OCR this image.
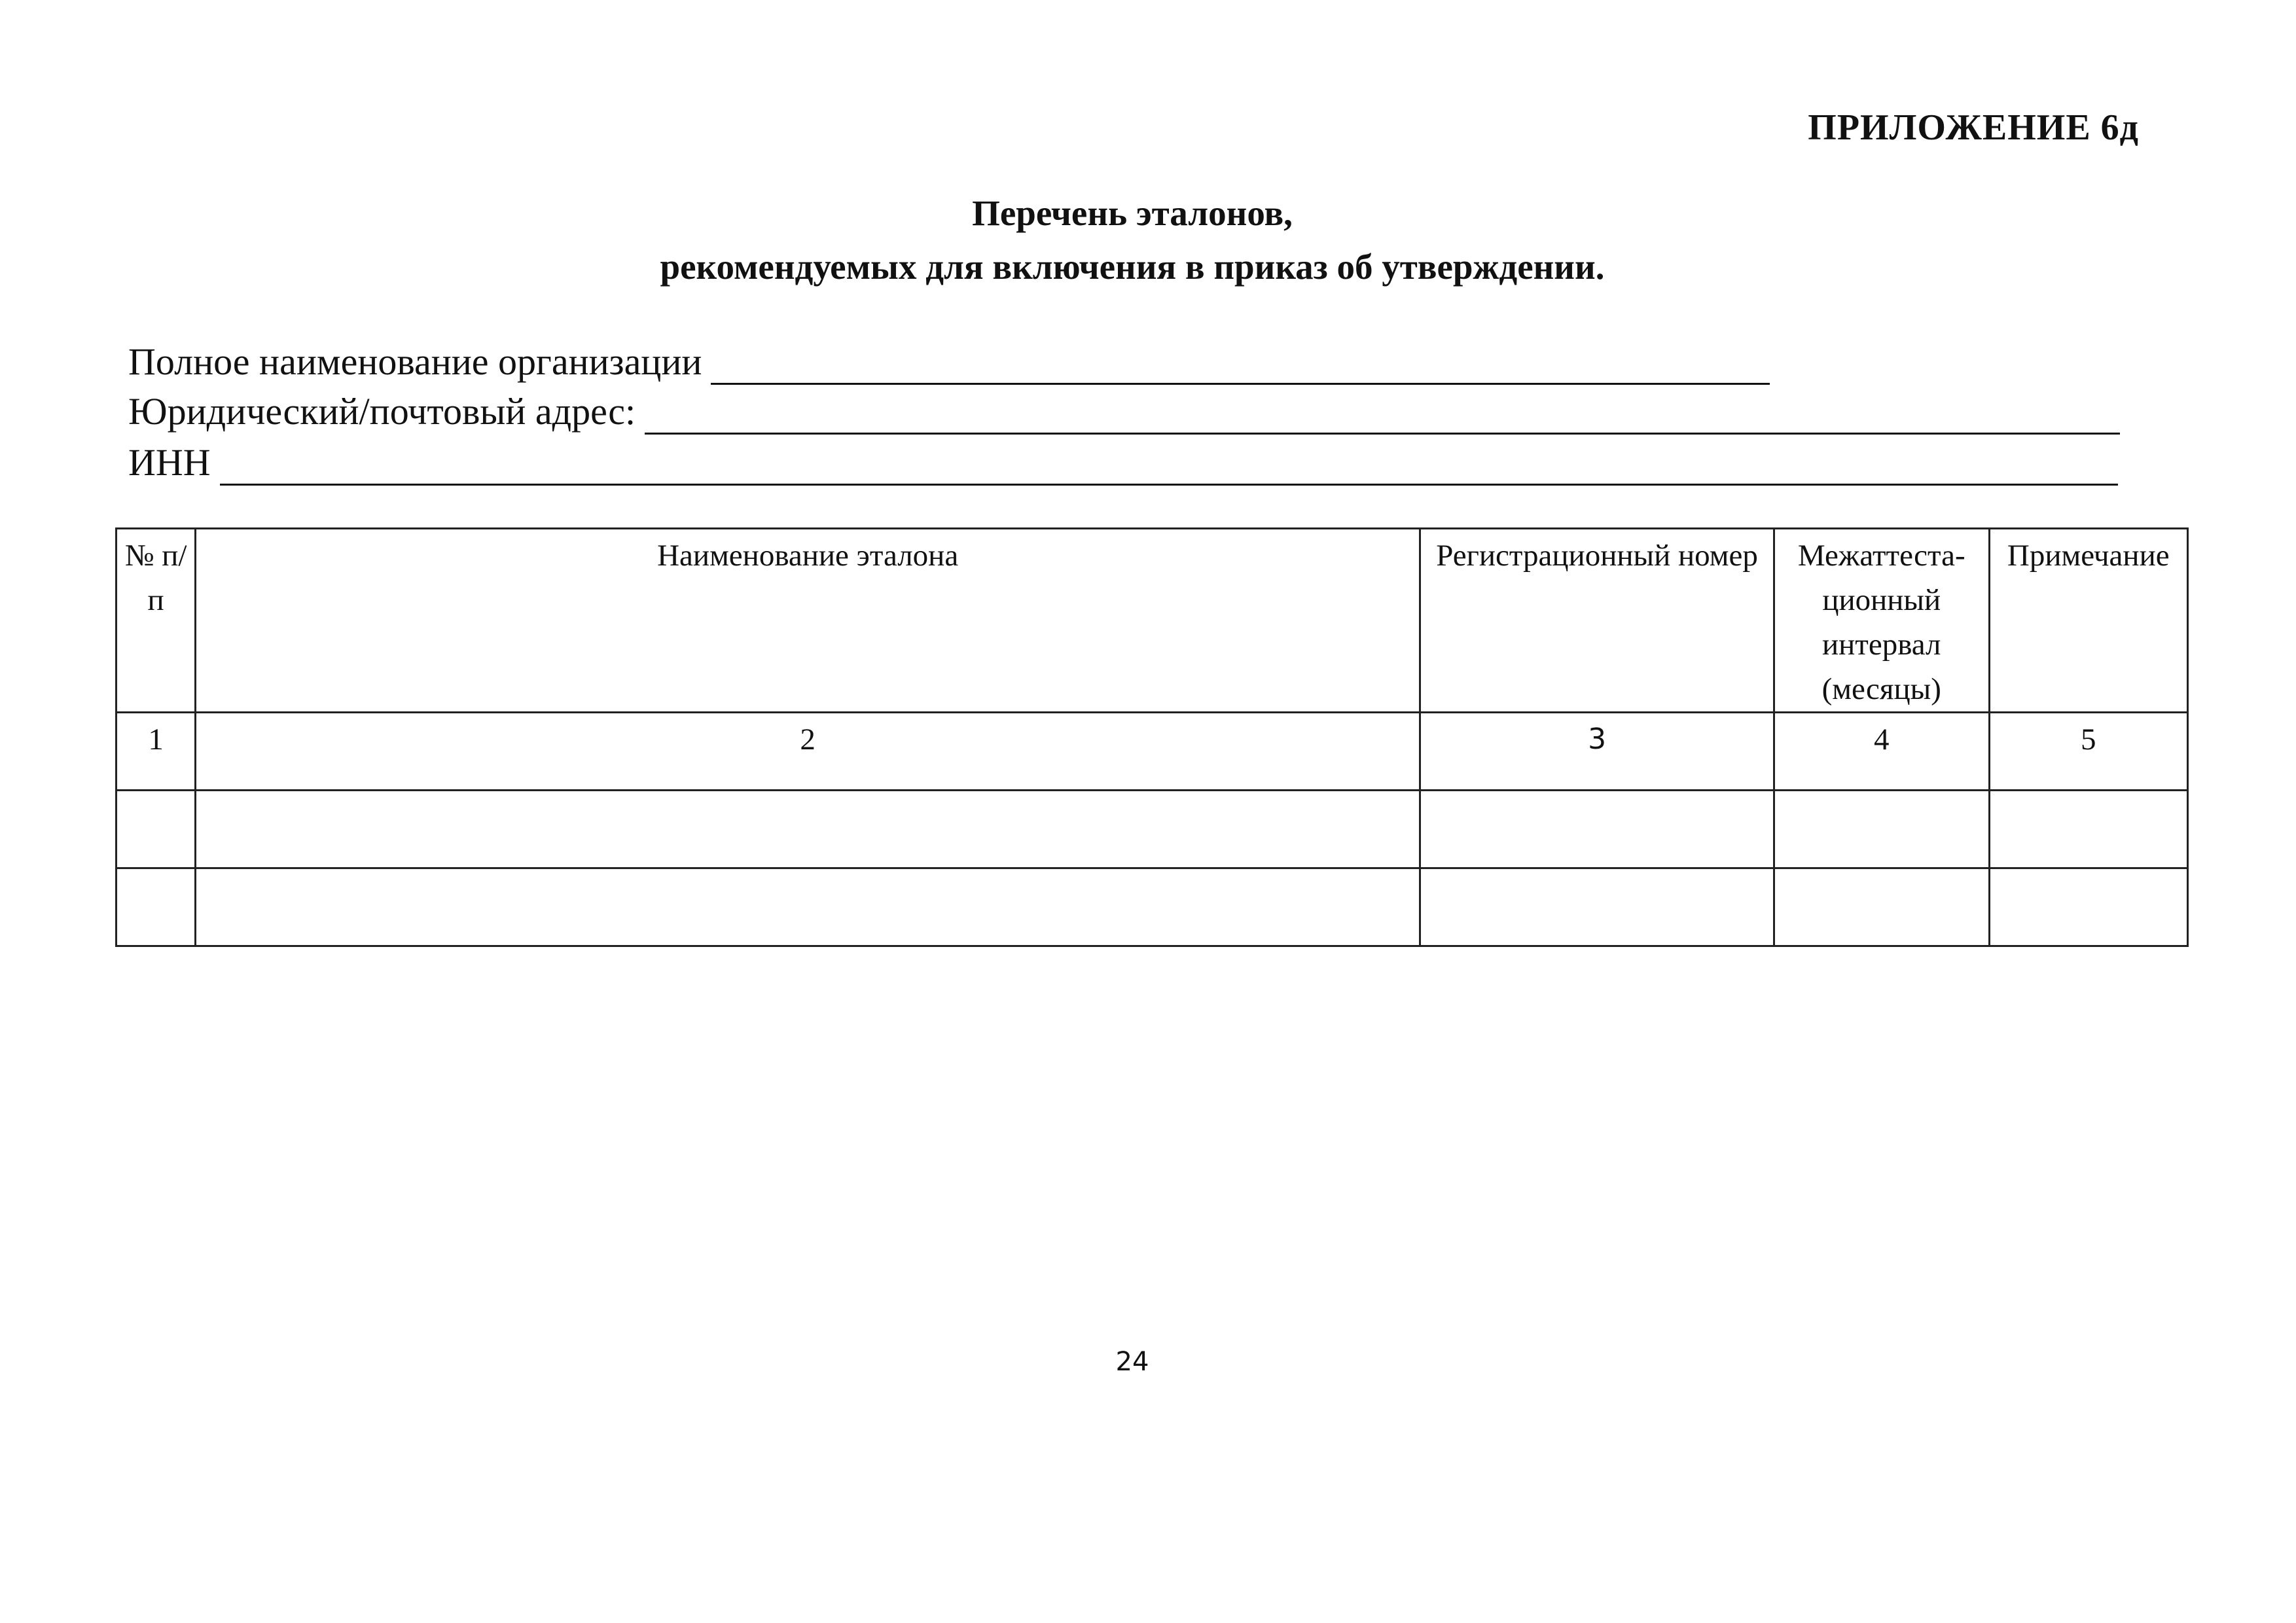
ПРИЛОЖЕНИЕ 6д
Перечень эталонов,
рекомендуемых для включения в приказ об утверждении.
Полное наименование организации
Юридический/почтовый адрес:
ИНН
№ п/п	Наименование эталона	Регистрационный номер	Межаттеста-ционный интервал (месяцы)	Примечание
1	2	3	4	5

24
